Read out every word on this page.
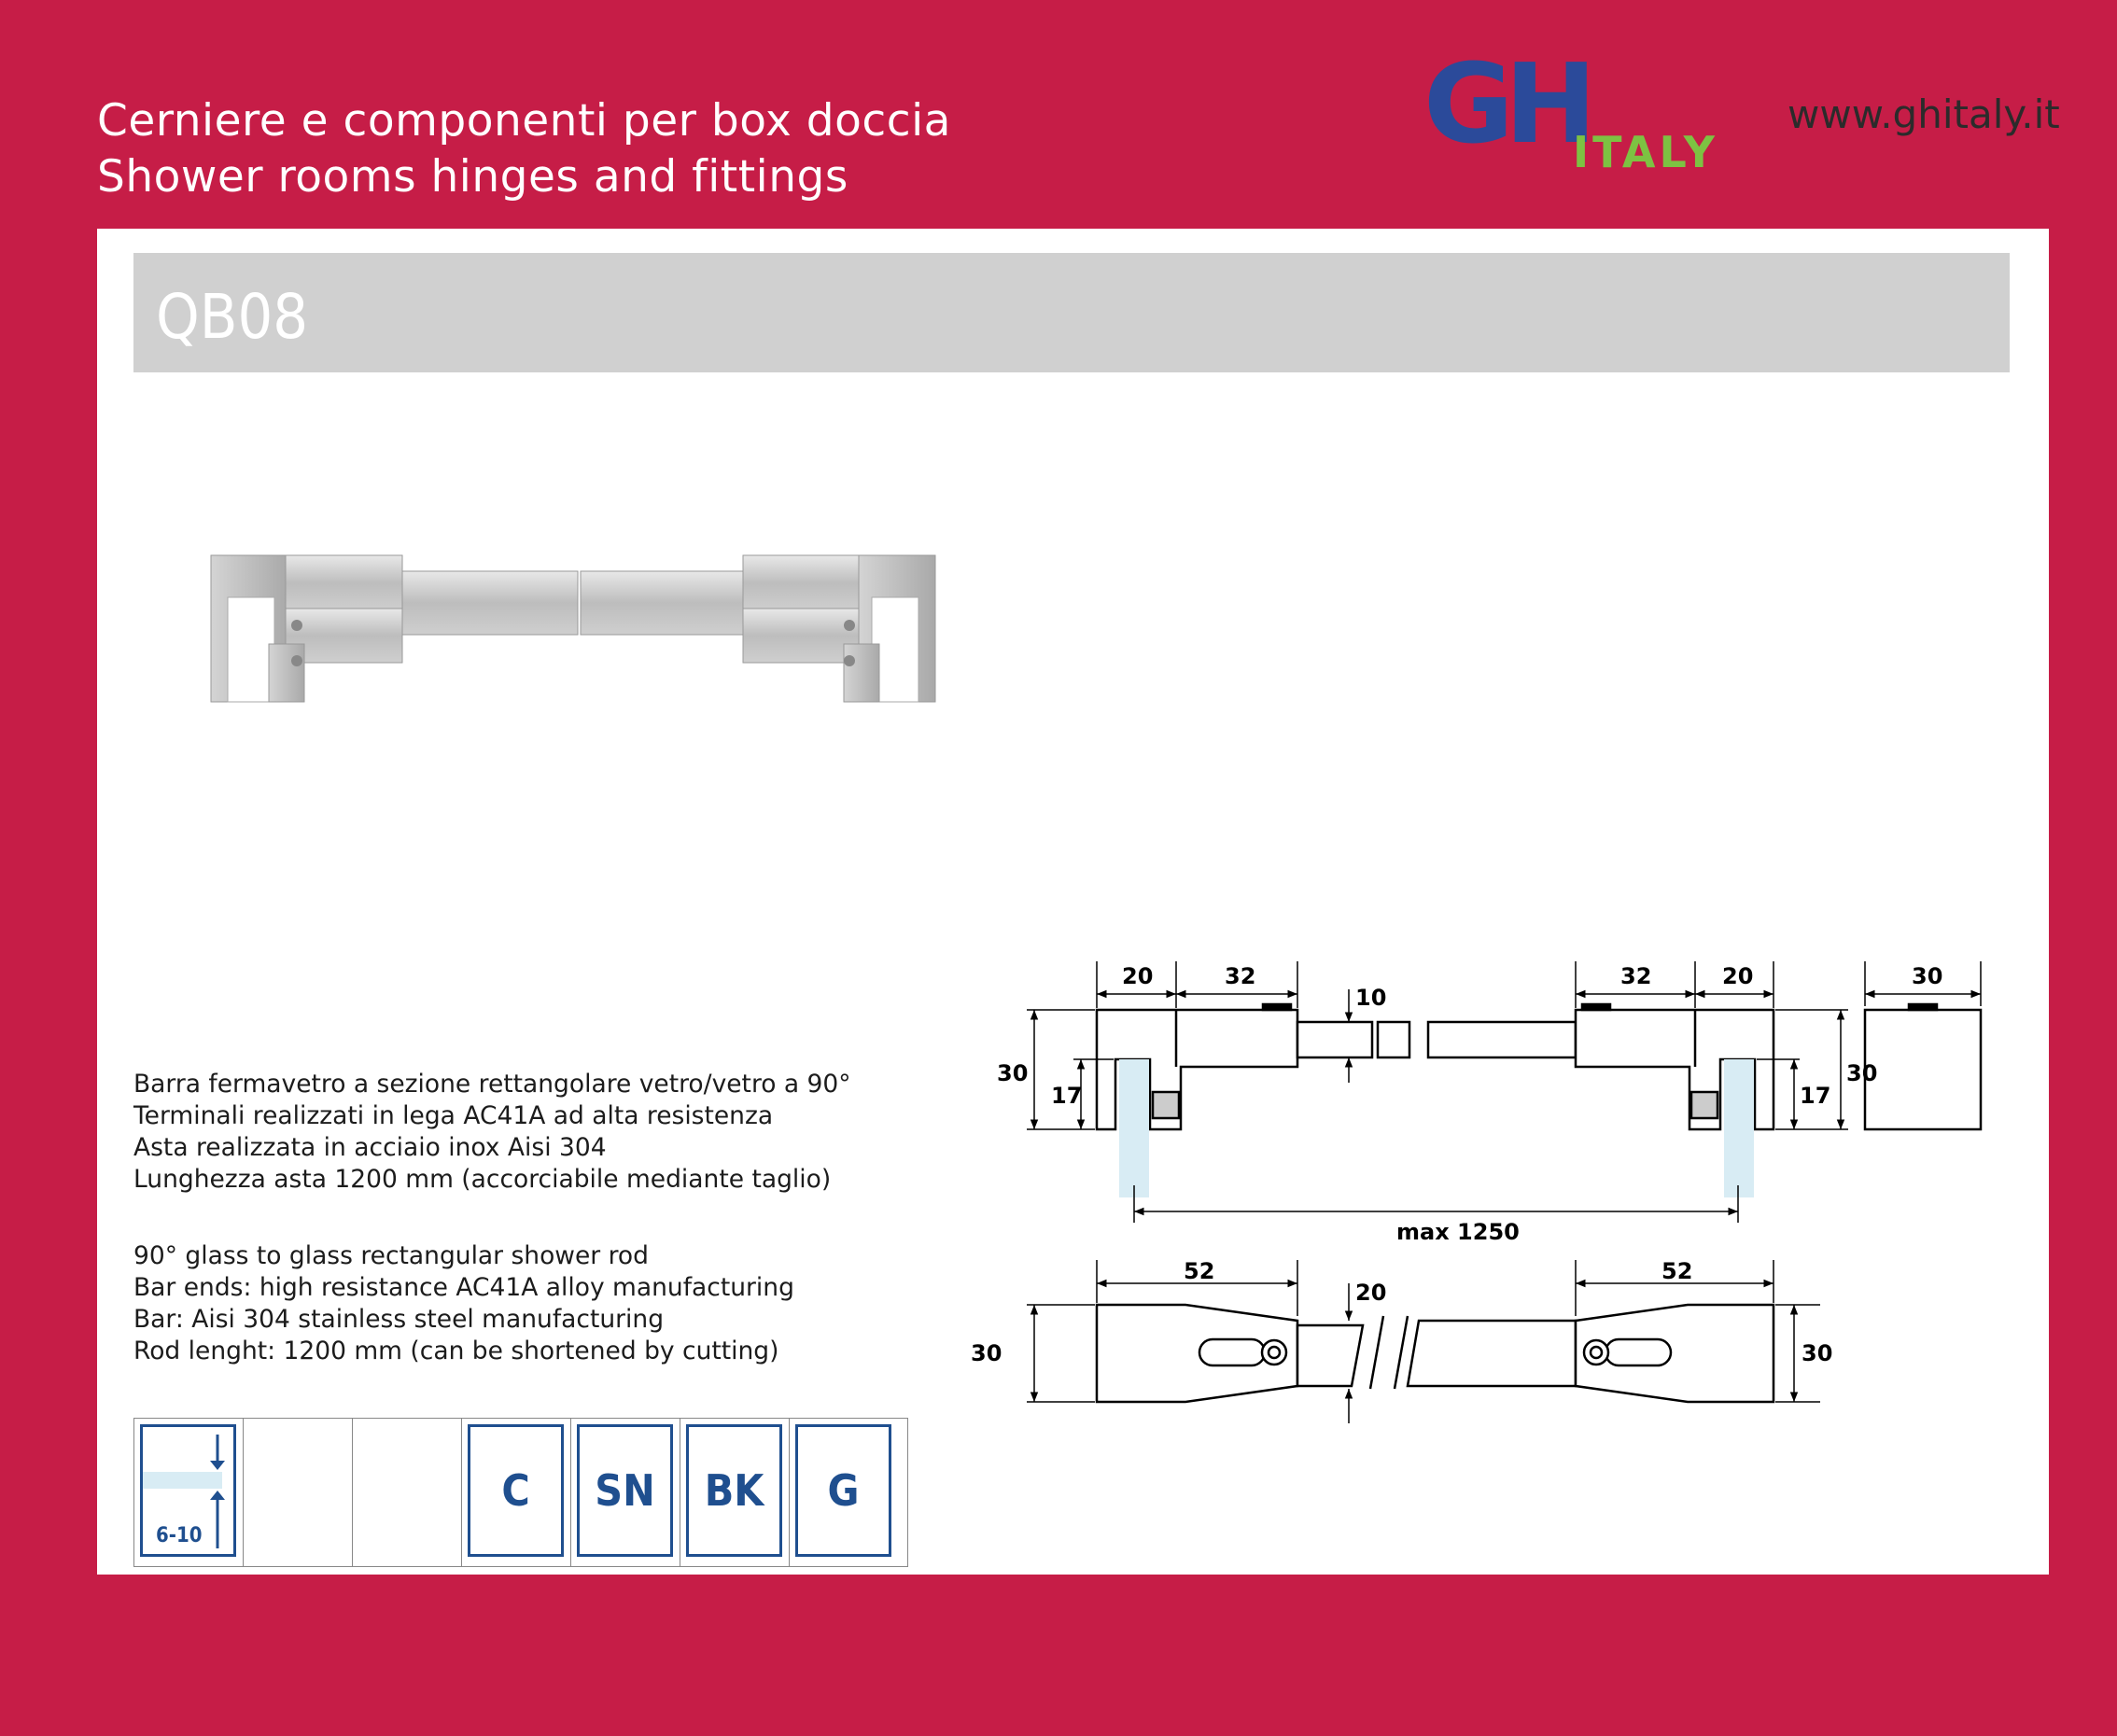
Cerniere e componenti per box doccia
Shower rooms hinges and fittings
GH
ITALY
www.ghitaly.it
QB08
Barra fermavetro a sezione rettangolare vetro/vetro a 90°
Terminali realizzati in lega AC41A ad alta resistenza
Asta realizzata in acciaio inox Aisi 304
Lunghezza asta 1200 mm (accorciabile mediante taglio)
90° glass to glass rectangular shower rod
Bar ends: high resistance AC41A alloy manufacturing
Bar: Aisi 304 stainless steel manufacturing
Rod lenght: 1200 mm (can be shortened by cutting)
20	32
10
32	20	30
30
17	17
30
max 1250
52
20
52
30	30
6-10
C	SN	BK	G
